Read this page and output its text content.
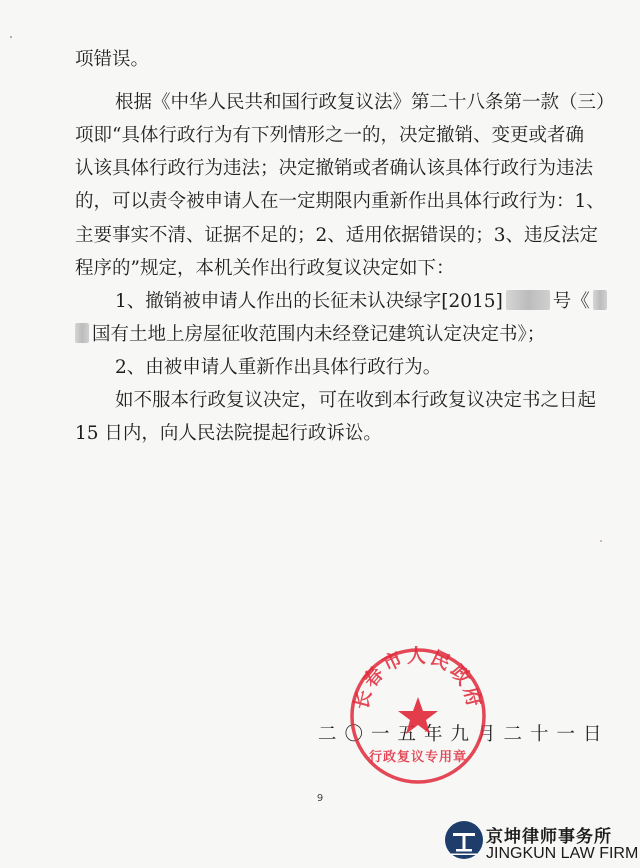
项错误。
根据《中华人民共和国行政复议法》第二十八条第一款（三）
项即“具体行政行为有下列情形之一的，决定撤销、变更或者确
认该具体行政行为违法；决定撤销或者确认该具体行政行为违法
的，可以责令被申请人在一定期限内重新作出具体行政行为：1、
主要事实不清、证据不足的；2、适用依据错误的；3、违反法定
程序的”规定，本机关作出行政复议决定如下：
1、撤销被申请人作出的长征未认决绿字[2015]	号《
国有土地上房屋征收范围内未经登记建筑认定决定书》；
2、由被申请人重新作出具体行政行为。
如不服本行政复议决定，可在收到本行政复议决定书之日起
15 日内，向人民法院提起行政诉讼。
二〇一五年九月二十一日
长春市人民政府
行政复议专用章
9
京坤律师事务所
JINGKUN LAW FIRM
